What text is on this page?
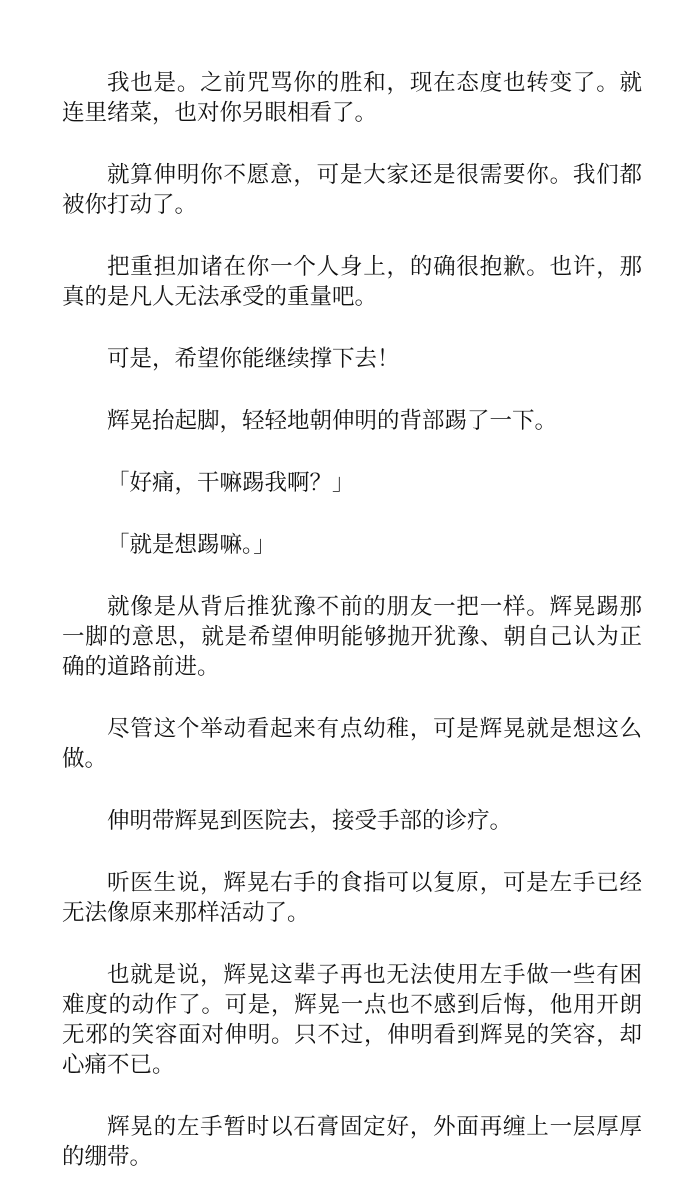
我也是。之前咒骂你的胜和，现在态度也转变了。就连里绪菜，也对你另眼相看了。

就算伸明你不愿意，可是大家还是很需要你。我们都被你打动了。

把重担加诸在你一个人身上，的确很抱歉。也许，那真的是凡人无法承受的重量吧。

可是，希望你能继续撑下去！

辉晃抬起脚，轻轻地朝伸明的背部踢了一下。

「好痛，干嘛踢我啊？」

「就是想踢嘛。」

就像是从背后推犹豫不前的朋友一把一样。辉晃踢那一脚的意思，就是希望伸明能够抛开犹豫、朝自己认为正确的道路前进。

尽管这个举动看起来有点幼稚，可是辉晃就是想这么做。

伸明带辉晃到医院去，接受手部的诊疗。

听医生说，辉晃右手的食指可以复原，可是左手已经无法像原来那样活动了。

也就是说，辉晃这辈子再也无法使用左手做一些有困难度的动作了。可是，辉晃一点也不感到后悔，他用开朗无邪的笑容面对伸明。只不过，伸明看到辉晃的笑容，却心痛不已。

辉晃的左手暂时以石膏固定好，外面再缠上一层厚厚的绷带。
